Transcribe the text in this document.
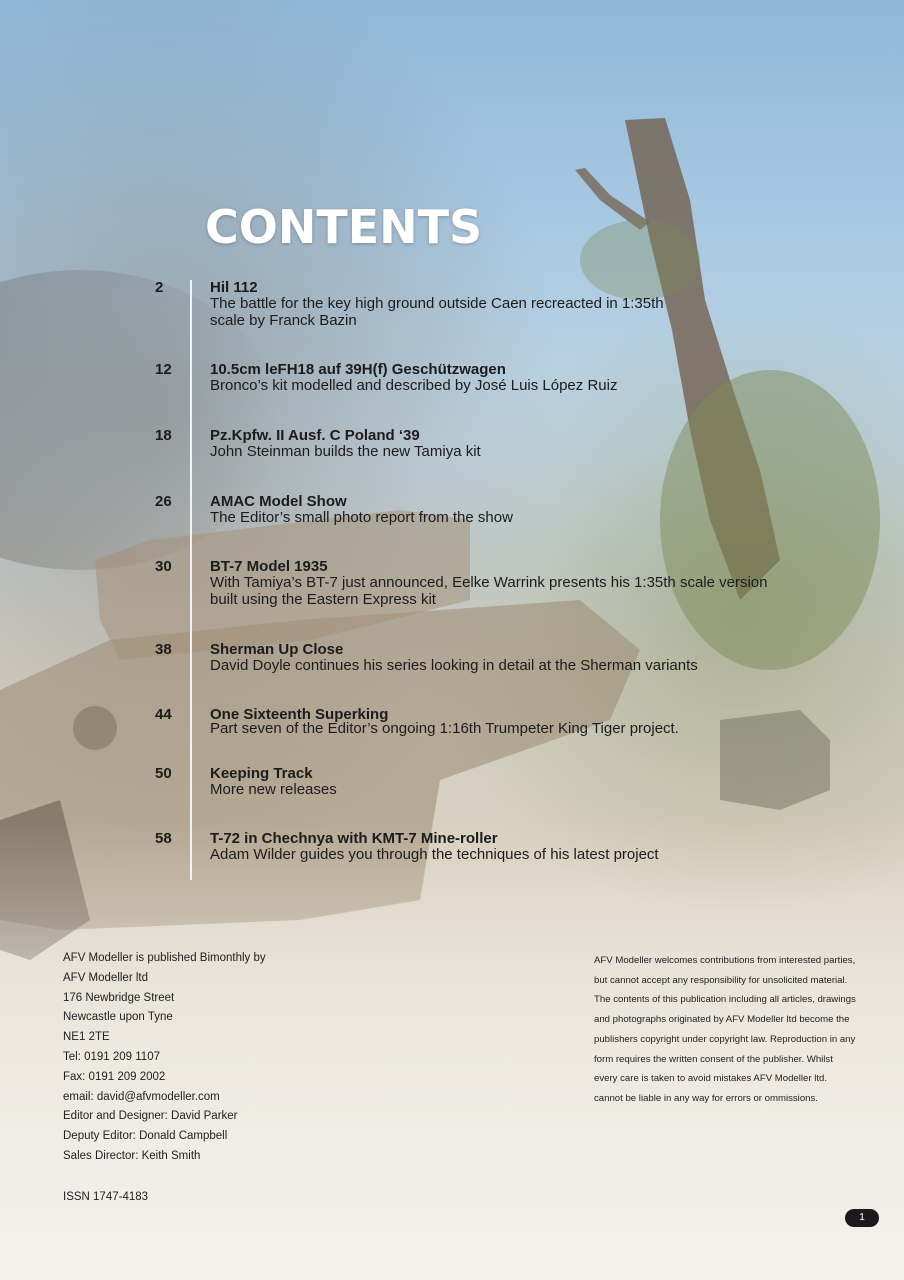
CONTENTS
2	Hil 112
The battle for the key high ground outside Caen recreacted in 1:35th scale by Franck Bazin
12	10.5cm leFH18 auf 39H(f) Geschützwagen
Bronco’s kit modelled and described by José Luis López Ruiz
18	Pz.Kpfw. II Ausf. C Poland ‘39
John Steinman builds the new Tamiya kit
26	AMAC Model Show
The Editor’s small photo report from the show
30	BT-7 Model 1935
With Tamiya’s BT-7 just announced, Eelke Warrink presents his 1:35th scale version built using the Eastern Express kit
38	Sherman Up Close
David Doyle continues his series looking in detail at the Sherman variants
44	One Sixteenth Superking
Part seven of the Editor’s ongoing 1:16th Trumpeter King Tiger project.
50	Keeping Track
More new releases
58	T-72 in Chechnya with KMT-7 Mine-roller
Adam Wilder guides you through the techniques of his latest project
AFV Modeller is published Bimonthly by
AFV Modeller ltd
176 Newbridge Street
Newcastle upon Tyne
NE1 2TE
Tel: 0191 209 1107
Fax: 0191 209 2002
email: david@afvmodeller.com
Editor and Designer: David Parker
Deputy Editor: Donald Campbell
Sales Director: Keith Smith
ISSN 1747-4183

AFV Modeller welcomes contributions from interested parties, but cannot accept any responsibility for unsolicited material.

The contents of this publication including all articles, drawings and photographs originated by AFV Modeller ltd become the publishers copyright under copyright law. Reproduction in any form requires the written consent of the publisher. Whilst every care is taken to avoid mistakes AFV Modeller ltd. cannot be liable in any way for errors or ommissions.

1
